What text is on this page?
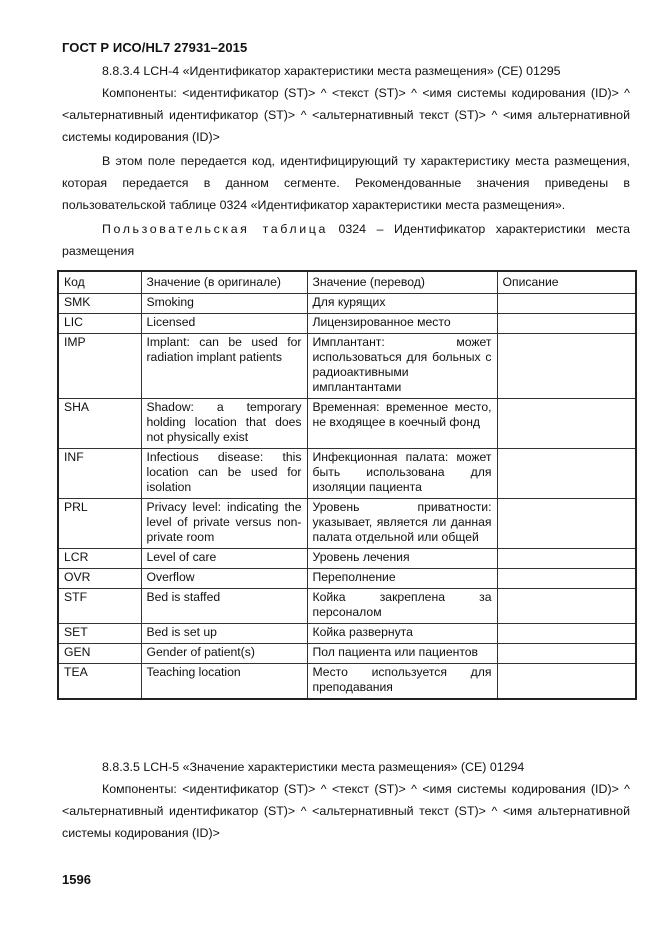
ГОСТ Р ИСО/HL7 27931–2015

8.8.3.4 LCH-4 «Идентификатор характеристики места размещения» (CE) 01295

Компоненты: <идентификатор (ST)> ^ <текст (ST)> ^ <имя системы кодирования (ID)> ^ <альтернативный идентификатор (ST)> ^ <альтернативный текст (ST)> ^ <имя альтернативной системы кодирования (ID)>

В этом поле передается код, идентифицирующий ту характеристику места размещения, которая передается в данном сегменте. Рекомендованные значения приведены в пользовательской таблице 0324 «Идентификатор характеристики места размещения».

Пользовательская таблица 0324 – Идентификатор характеристики места размещения

Код	Значение (в оригинале)	Значение (перевод)	Описание
SMK	Smoking	Для курящих	
LIC	Licensed	Лицензированное место	
IMP	Implant: can be used for radiation implant patients	Имплантант: может использоваться для больных с радиоактивными имплантантами	
SHA	Shadow: a temporary holding location that does not physically exist	Временная: временное место, не входящее в коечный фонд	
INF	Infectious disease: this location can be used for isolation	Инфекционная палата: может быть использована для изоляции пациента	
PRL	Privacy level: indicating the level of private versus non-private room	Уровень приватности: указывает, является ли данная палата отдельной или общей	
LCR	Level of care	Уровень лечения	
OVR	Overflow	Переполнение	
STF	Bed is staffed	Койка закреплена за персоналом	
SET	Bed is set up	Койка развернута	
GEN	Gender of patient(s)	Пол пациента или пациентов	
TEA	Teaching location	Место используется для преподавания	

8.8.3.5 LCH-5 «Значение характеристики места размещения» (CE) 01294

Компоненты: <идентификатор (ST)> ^ <текст (ST)> ^ <имя системы кодирования (ID)> ^ <альтернативный идентификатор (ST)> ^ <альтернативный текст (ST)> ^ <имя альтернативной системы кодирования (ID)>

1596
